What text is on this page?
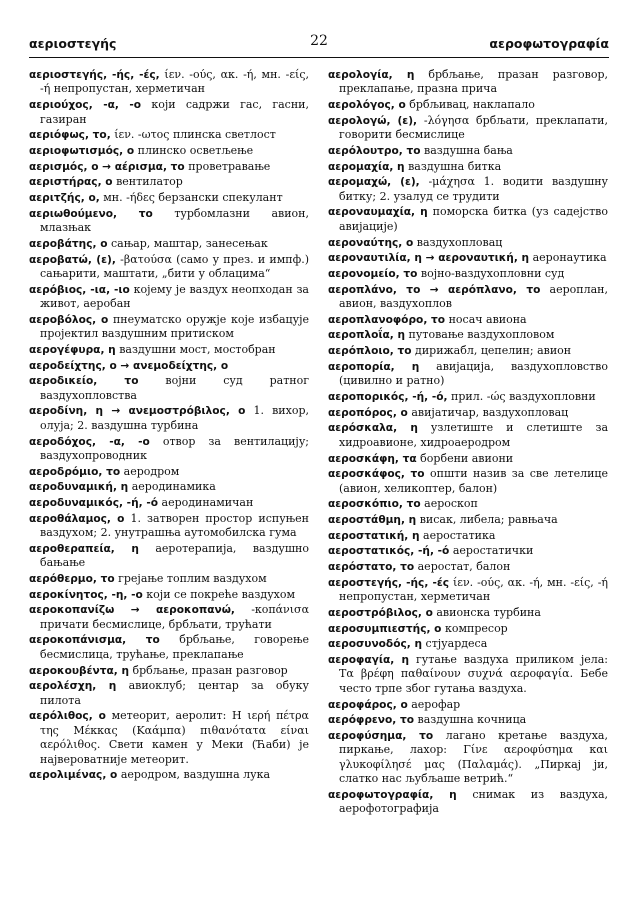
αεριοστεγής	22	αεροφωτογραφία

αεριοστεγής, -ής, -ές, ίεν. -ούς, ακ. -ή, мн. -είς, -ή непропустан, херметичан

αεριούχος, -α, -ο који садржи гас, гасни, газиран

αεριόφως, το, ίεν. -ωτος плинска светлост

αεριοφωτισμός, ο плинско осветљење

αερισμός, ο → αέρισμα, το проветравање

αεριστήρας, ο вентилатор

αεριτζής, ο, мн. -ήδες берзански спекулант

αεριωθούμενο, το турбомлазни авион, млазњак

αεροβάτης, ο сањар, маштар, занесењак

αεροβατώ, (ε), -βατούσα (само у през. и импф.) сањарити, маштати, „бити у облацима“

αερόβιος, -ια, -ιο којему је ваздух неопходан за живот, аеробан

αεροβόλος, ο пнеуматско оружје које избацује пројектил ваздушним притиском

αερογέφυρα, η ваздушни мост, мостобран

αεροδείχτης, ο → ανεμοδείχτης, ο

αεροδικείο, το војни суд ратног ваздухопловства

αεροδίνη, η → ανεμοστρόβιλος, ο 1. вихор, олуја; 2. ваздушна турбина

αεροδόχος, -α, -ο отвор за вентилацију; ваздухопроводник

αεροδρόμιο, το аеродром

αεροδυναμική, η аеродинамика

αεροδυναμικός, -ή, -ό аеродинамичан

αεροθάλαμος, ο 1. затворен простор испуњен ваздухом; 2. унутрашња аутомобилска гума

αεροθεραπεία, η аеротерапија, ваздушно бањање

αερόθερμο, το грејање топлим ваздухом

αεροκίνητος, -η, -ο који се покреће ваздухом

αεροκοπανίζω → αεροκοπανώ, -κοπάνισα причати бесмислице, брбљати, трућати

αεροκοπάνισμα, το брбљање, говорење бесмислица, трућање, преклапање

αεροκουβέντα, η брбљање, празан разговор

αερολέσχη, η авиоклуб; центар за обуку пилота

αερόλιθος, ο метеорит, аеролит: Η ιερή πέτρα της Μέκκας (Καάμπα) πιθανότατα είναι αερόλιθος. Свети камен у Меки (Ћаби) је највероватније метеорит.

αερολιμένας, ο аеродром, ваздушна лука

αερολογία, η брбљање, празан разговор, преклапање, празна прича

αερολόγος, ο брбљивац, наклапало

αερολογώ, (ε), -λόγησα брбљати, преклапати, говорити бесмислице

αερόλουτρο, το ваздушна бања

αερομαχία, η ваздушна битка

αερομαχώ, (ε), -μάχησα 1. водити ваздушну битку; 2. узалуд се трудити

αεροναυμαχία, η поморска битка (уз садејство авијације)

αεροναύτης, ο ваздухопловац

αεροναυτιλία, η → αεροναυτική, η аеронаутика

αερονομείο, το војно-ваздухопловни суд

αεροπλάνο, το → αερόπλανο, το аероплан, авион, ваздухоплов

αεροπλανοφόρο, το носач авиона

αεροπλοΐα, η путовање ваздухопловом

αερόπλοιο, το дирижабл, цепелин; авион

αεροπορία, η авијација, ваздухопловство (цивилно и ратно)

αεροπορικός, -ή, -ό, прил. -ώς ваздухопловни

αεροπόρος, ο авијатичар, ваздухопловац

αερόσκαλα, η узлетиште и слетиште за хидроавионе, хидроаеродром

αεροσκάφη, τα борбени авиони

αεροσκάφος, το општи назив за све летелице (авион, хеликоптер, балон)

αεροσκόπιο, το аероскоп

αεροστάθμη, η висак, либела; равњача

αεροστατική, η аеростатика

αεροστατικός, -ή, -ό аеростатички

αερόστατο, το аеростат, балон

αεροστεγής, -ής, -ές ίεν. -ούς, ακ. -ή, мн. -είς, -ή непропустан, херметичан

αεροστρόβιλος, ο авионска турбина

αεροσυμπιεστής, ο компресор

αεροσυνοδός, η стјуардеса

αεροφαγία, η гутање ваздуха приликом јела: Τα βρέφη παθαίνουν συχνά αεροφαγία. Бебе често трпе због гутања ваздуха.

αεροφάρος, ο аерофар

αερόφρενο, το ваздушна кочница

αεροφύσημα, το лагано кретање ваздуха, пиркање, лахор: Γίνε αεροφύσημα και γλυκοφίλησέ μας (Παλαμάς). „Пиркај ји, слатко нас љубљаше ветрић.“

αεροφωτογραφία, η снимак из ваздуха, аерофотографија
